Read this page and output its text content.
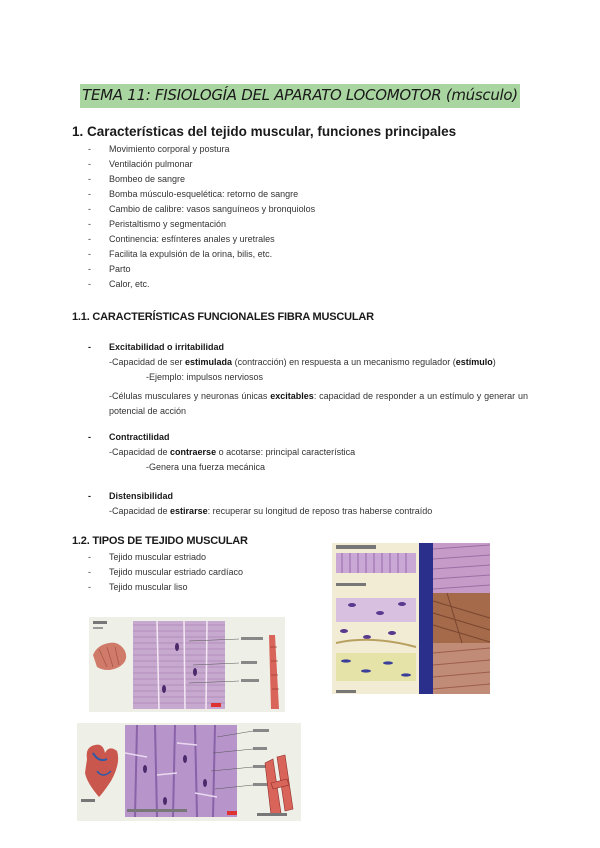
TEMA 11: FISIOLOGÍA DEL APARATO LOCOMOTOR (músculo)
1. Características del tejido muscular, funciones principales
- Movimiento corporal y postura
- Ventilación pulmonar
- Bombeo de sangre
- Bomba músculo-esquelética: retorno de sangre
- Cambio de calibre: vasos sanguíneos y bronquiolos
- Peristaltismo y segmentación
- Continencia: esfínteres anales y uretrales
- Facilita la expulsión de la orina, bilis, etc.
- Parto
- Calor, etc.
1.1. CARACTERÍSTICAS FUNCIONALES FIBRA MUSCULAR
- Excitabilidad o irritabilidad

-Capacidad de ser estimulada (contracción) en respuesta a un mecanismo regulador (estímulo)

-Ejemplo: impulsos nerviosos

-Células musculares y neuronas únicas excitables: capacidad de responder a un estímulo y generar un potencial de acción

- Contractilidad

-Capacidad de contraerse o acotarse: principal característica

-Genera una fuerza mecánica

- Distensibilidad

-Capacidad de estirarse: recuperar su longitud de reposo tras haberse contraído

1.2. TIPOS DE TEJIDO MUSCULAR
- Tejido muscular estriado
- Tejido muscular estriado cardíaco
- Tejido muscular liso
